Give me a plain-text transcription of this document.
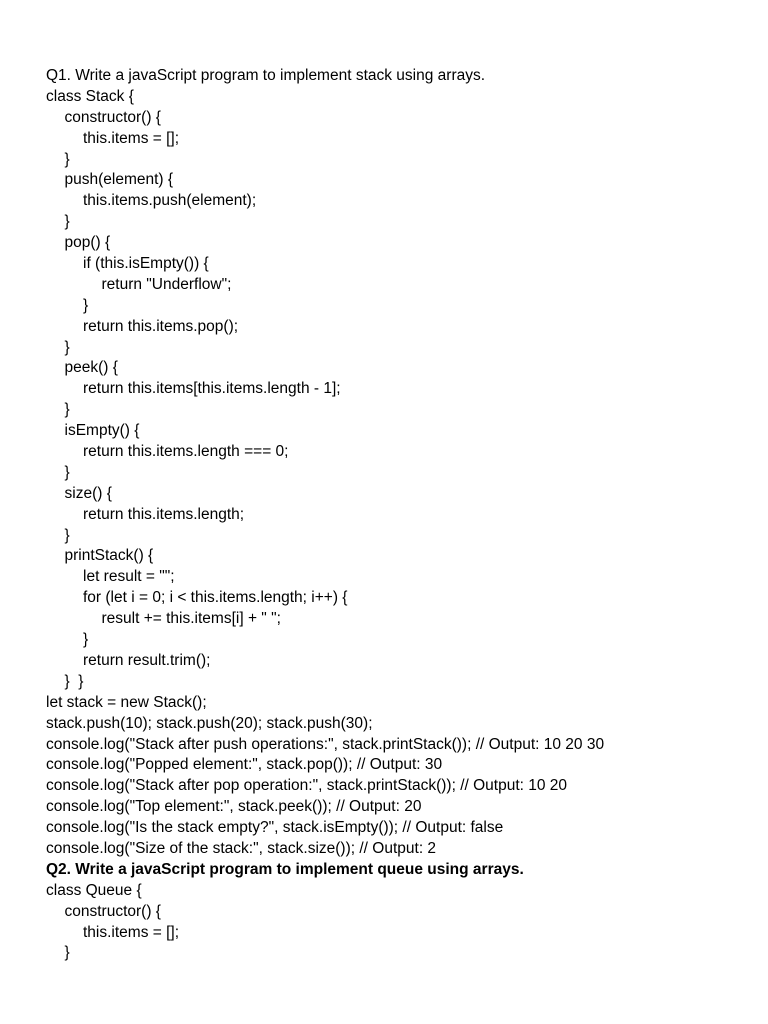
Q1. Write a javaScript program to implement stack using arrays.
class Stack {
constructor() {
this.items = [];
}
push(element) {
this.items.push(element);
}
pop() {
if (this.isEmpty()) {
return "Underflow";
}
return this.items.pop();
}
peek() {
return this.items[this.items.length - 1];
}
isEmpty() {
return this.items.length === 0;
}
size() {
return this.items.length;
}
printStack() {
let result = "";
for (let i = 0; i < this.items.length; i++) {
result += this.items[i] + " ";
}
return result.trim();
}  }
let stack = new Stack();
stack.push(10); stack.push(20); stack.push(30);
console.log("Stack after push operations:", stack.printStack()); // Output: 10 20 30
console.log("Popped element:", stack.pop()); // Output: 30
console.log("Stack after pop operation:", stack.printStack()); // Output: 10 20
console.log("Top element:", stack.peek()); // Output: 20
console.log("Is the stack empty?", stack.isEmpty()); // Output: false
console.log("Size of the stack:", stack.size()); // Output: 2
Q2. Write a javaScript program to implement queue using arrays.
class Queue {
constructor() {
this.items = [];
}
